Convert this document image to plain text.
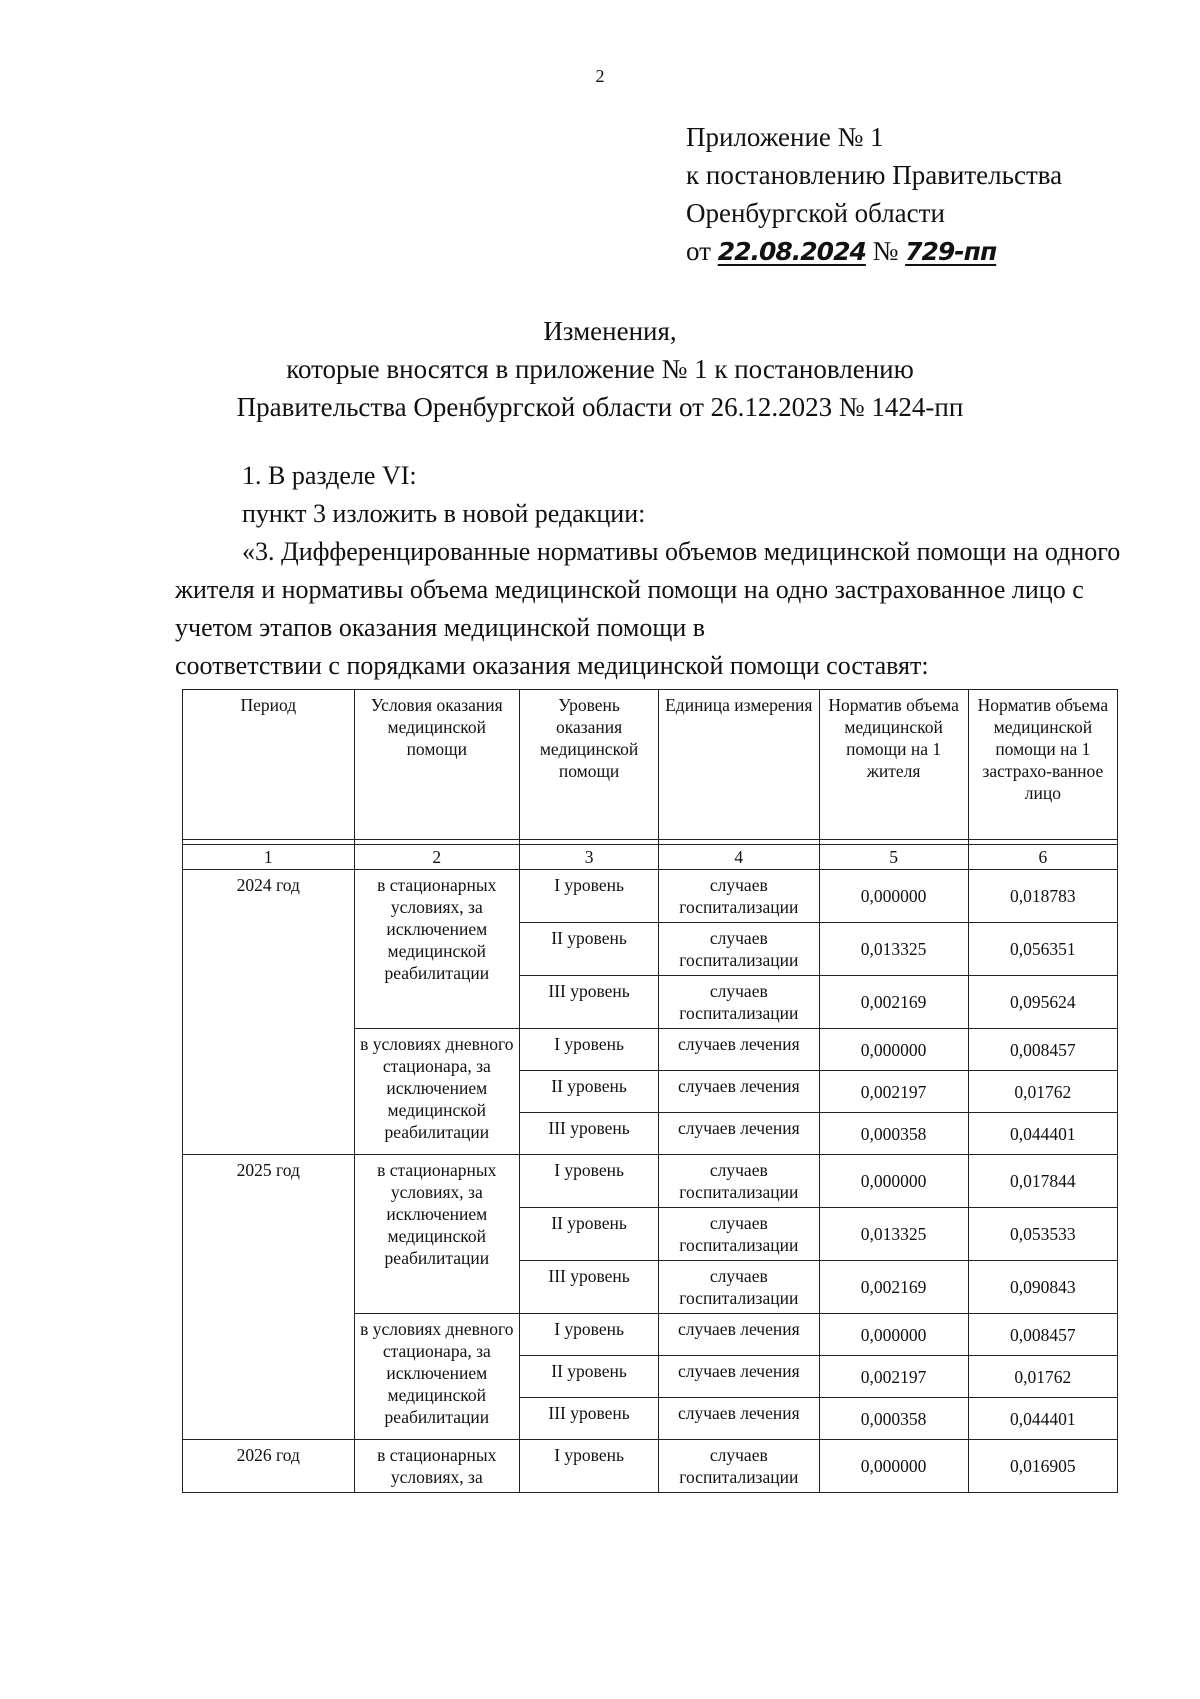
2
Приложение № 1
к постановлению Правительства
Оренбургской области
от 22.08.2024 № 729-пп
Изменения,
которые вносятся в приложение № 1 к постановлению
Правительства Оренбургской области от 26.12.2023 № 1424-пп
1. В разделе VI:
пункт 3 изложить в новой редакции:
«3. Дифференцированные нормативы объемов медицинской помощи на одного жителя и нормативы объема медицинской помощи на одно застрахованное лицо с учетом этапов оказания медицинской помощи в
соответствии с порядками оказания медицинской помощи составят:
Период	Условия оказания медицинской помощи	Уровень оказания медицинской помощи	Единица измерения	Норматив объема медицинской помощи на 1 жителя	Норматив объема медицинской помощи на 1 застрахо-ванное лицо

1	2	3	4	5	6
2024 год	в стационарных условиях, за исключением медицинской реабилитации	I уровень	случаев госпитализации	0,000000	0,018783
		II уровень	случаев госпитализации	0,013325	0,056351
		III уровень	случаев госпитализации	0,002169	0,095624
	в условиях дневного стационара, за исключением медицинской реабилитации	I уровень	случаев лечения	0,000000	0,008457
		II уровень	случаев лечения	0,002197	0,01762
		III уровень	случаев лечения	0,000358	0,044401
2025 год	в стационарных условиях, за исключением медицинской реабилитации	I уровень	случаев госпитализации	0,000000	0,017844
		II уровень	случаев госпитализации	0,013325	0,053533
		III уровень	случаев госпитализации	0,002169	0,090843
	в условиях дневного стационара, за исключением медицинской реабилитации	I уровень	случаев лечения	0,000000	0,008457
		II уровень	случаев лечения	0,002197	0,01762
		III уровень	случаев лечения	0,000358	0,044401
2026 год	в стационарных условиях, за	I уровень	случаев госпитализации	0,000000	0,016905
